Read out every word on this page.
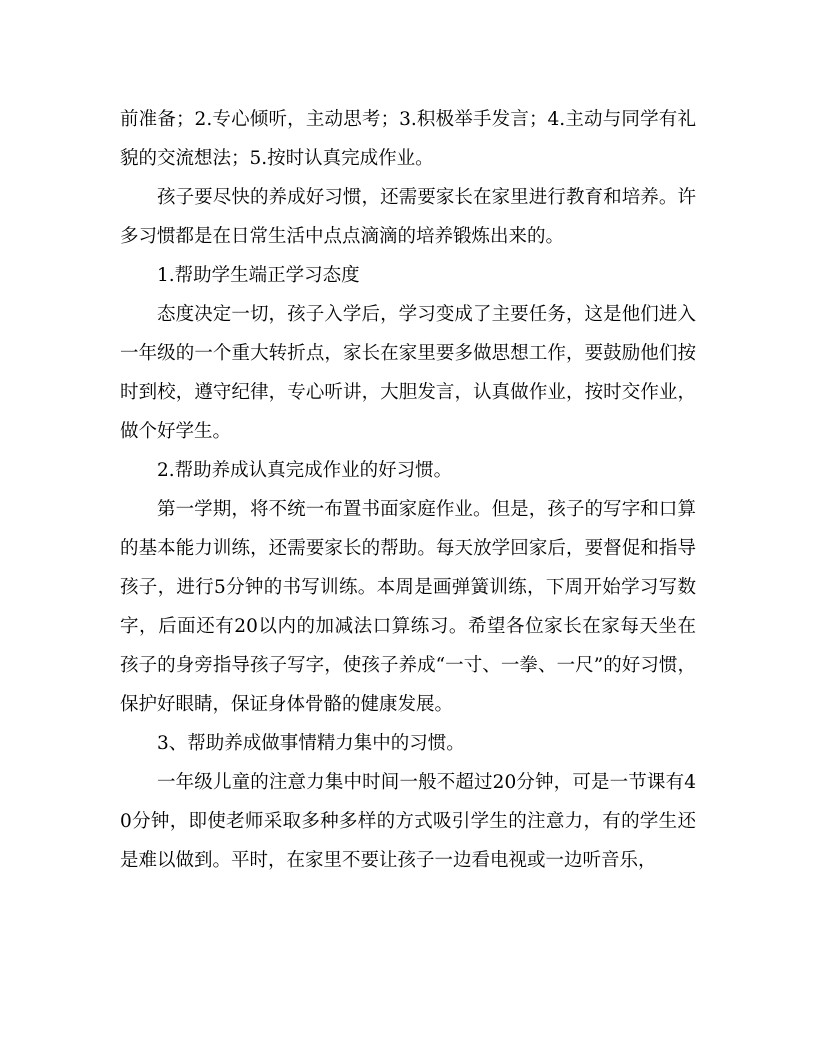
前准备；2.专心倾听，主动思考；3.积极举手发言；4.主动与同学有礼貌的交流想法；5.按时认真完成作业。

孩子要尽快的养成好习惯，还需要家长在家里进行教育和培养。许多习惯都是在日常生活中点点滴滴的培养锻炼出来的。

1.帮助学生端正学习态度

态度决定一切，孩子入学后，学习变成了主要任务，这是他们进入一年级的一个重大转折点，家长在家里要多做思想工作，要鼓励他们按时到校，遵守纪律，专心听讲，大胆发言，认真做作业，按时交作业，做个好学生。

2.帮助养成认真完成作业的好习惯。

第一学期，将不统一布置书面家庭作业。但是，孩子的写字和口算的基本能力训练，还需要家长的帮助。每天放学回家后，要督促和指导孩子，进行5分钟的书写训练。本周是画弹簧训练，下周开始学习写数字，后面还有20以内的加减法口算练习。希望各位家长在家每天坐在孩子的身旁指导孩子写字，使孩子养成“一寸、一拳、一尺”的好习惯，保护好眼睛，保证身体骨骼的健康发展。

3、帮助养成做事情精力集中的习惯。

一年级儿童的注意力集中时间一般不超过20分钟，可是一节课有40分钟，即使老师采取多种多样的方式吸引学生的注意力，有的学生还是难以做到。平时，在家里不要让孩子一边看电视或一边听音乐，
